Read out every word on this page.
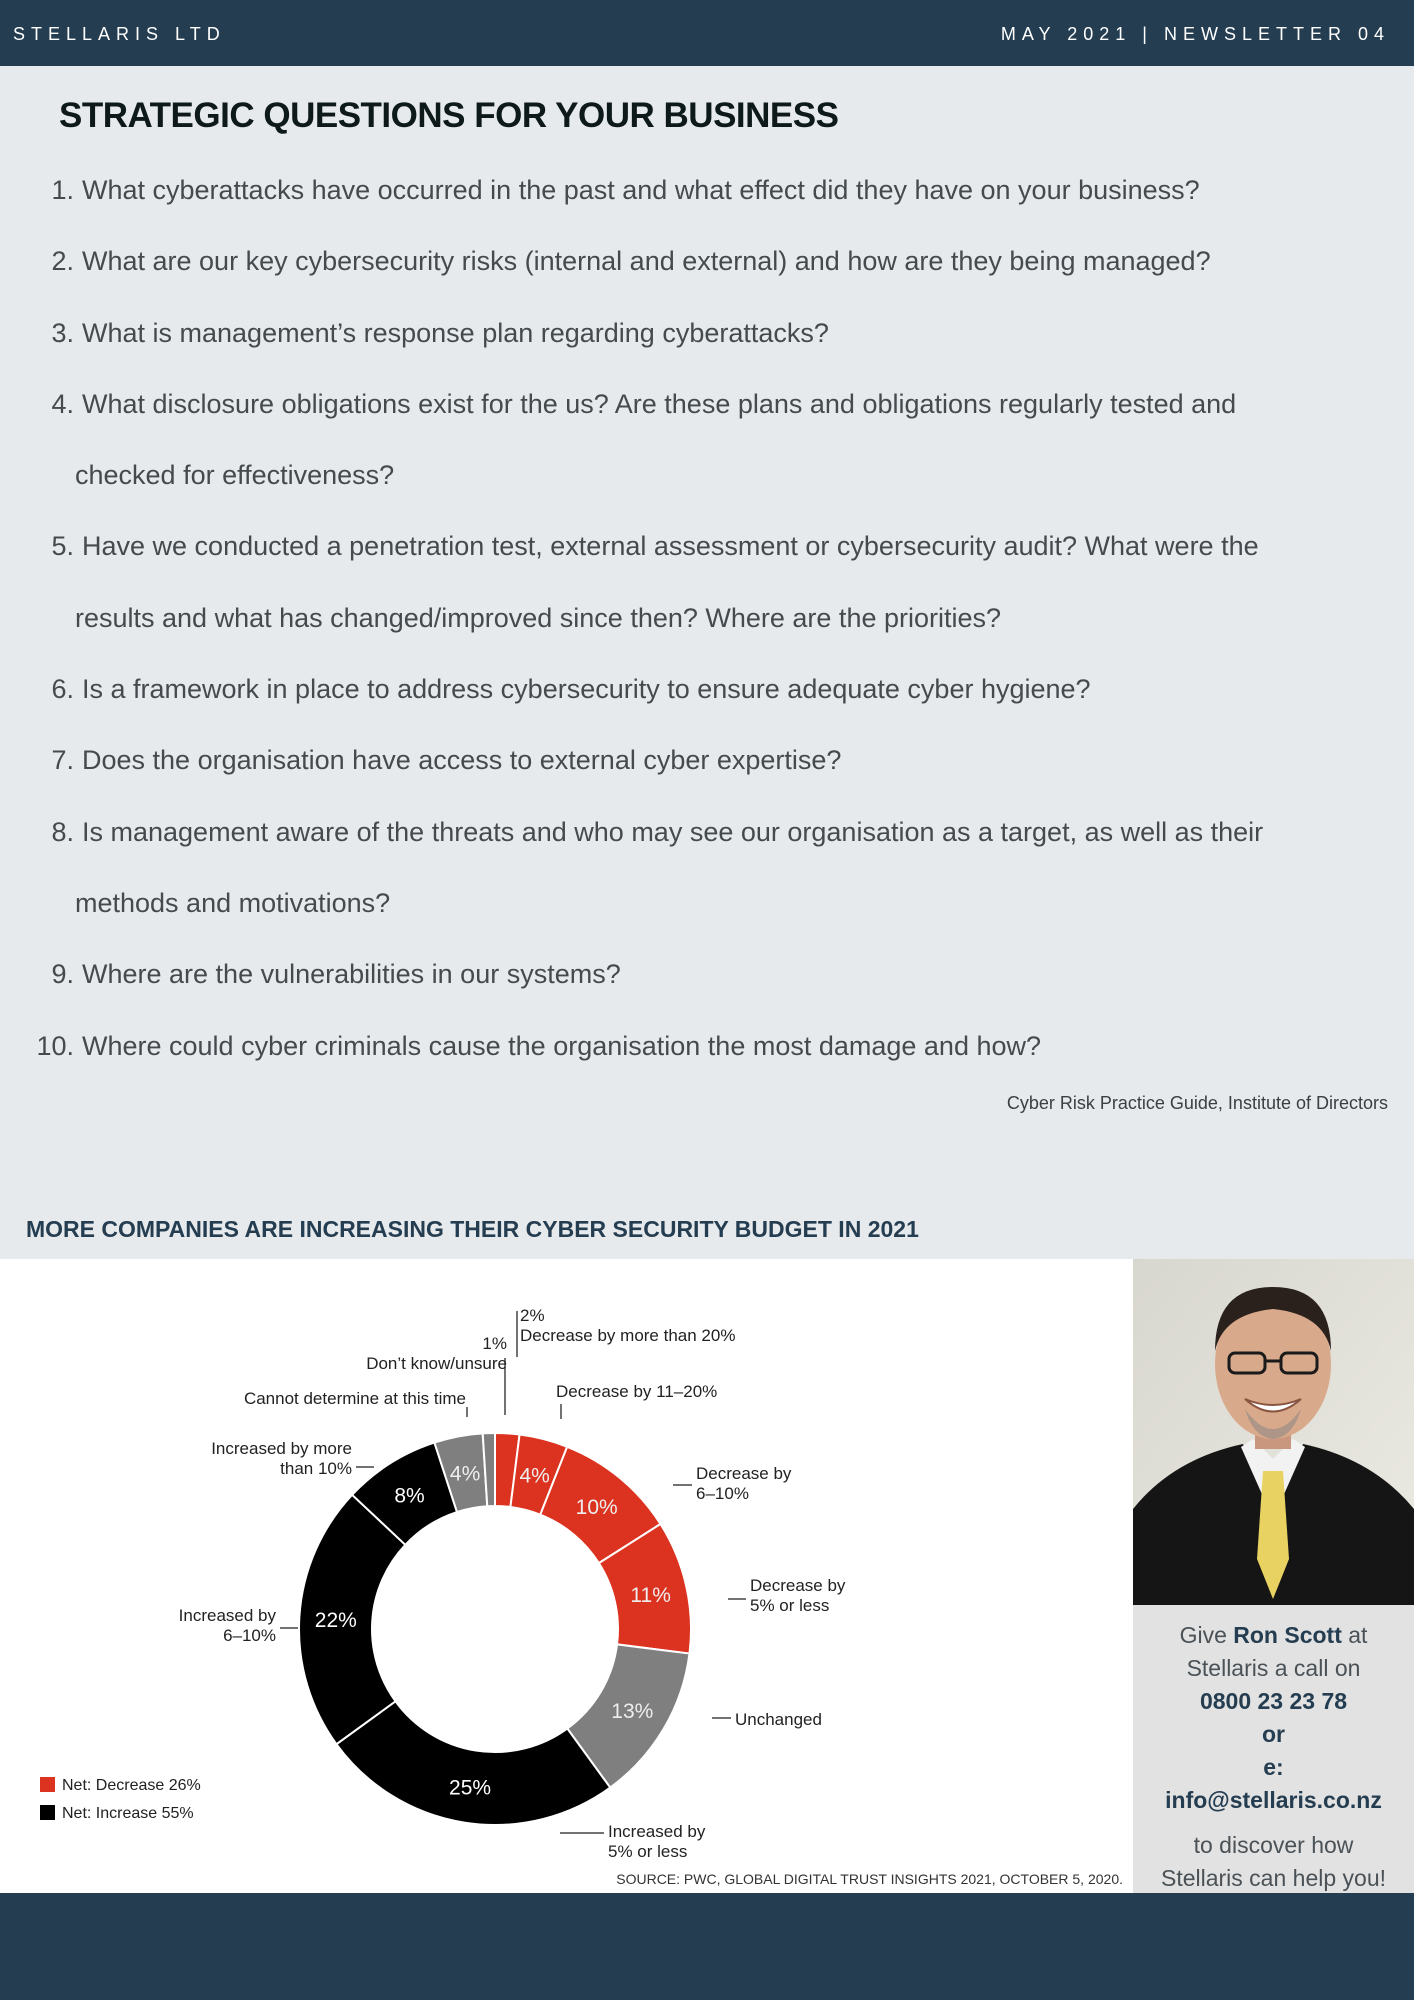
STELLARIS LTD	MAY 2021 | NEWSLETTER 04
STRATEGIC QUESTIONS FOR YOUR BUSINESS
1. What cyberattacks have occurred in the past and what effect did they have on your business?
2. What are our key cybersecurity risks (internal and external) and how are they being managed?
3. What is management’s response plan regarding cyberattacks?
4. What disclosure obligations exist for the us? Are these plans and obligations regularly tested and
checked for effectiveness?
5. Have we conducted a penetration test, external assessment or cybersecurity audit? What were the
results and what has changed/improved since then? Where are the priorities?
6. Is a framework in place to address cybersecurity to ensure adequate cyber hygiene?
7. Does the organisation have access to external cyber expertise?
8. Is management aware of the threats and who may see our organisation as a target, as well as their
methods and motivations?
9. Where are the vulnerabilities in our systems?
10. Where could cyber criminals cause the organisation the most damage and how?
Cyber Risk Practice Guide, Institute of Directors
MORE COMPANIES ARE INCREASING THEIR CYBER SECURITY BUDGET IN 2021
2%
Decrease by more than 20%
4%
Decrease by 11–20%
10%
Decrease by
6–10%
11%	Decrease by
5% or less
13%	Unchanged
25%
Increased by
5% or less
22%
Increased by
6–10%
8%
Increased by more
than 10%	4%
Cannot determine at this time
1%
Don’t know/unsure
Net: Decrease 26%
Net: Increase 55%
SOURCE: PWC, GLOBAL DIGITAL TRUST INSIGHTS 2021, OCTOBER 5, 2020.
Give Ron Scott at
Stellaris a call on
0800 23 23 78
or
e:
info@stellaris.co.nz
to discover how
Stellaris can help you!
